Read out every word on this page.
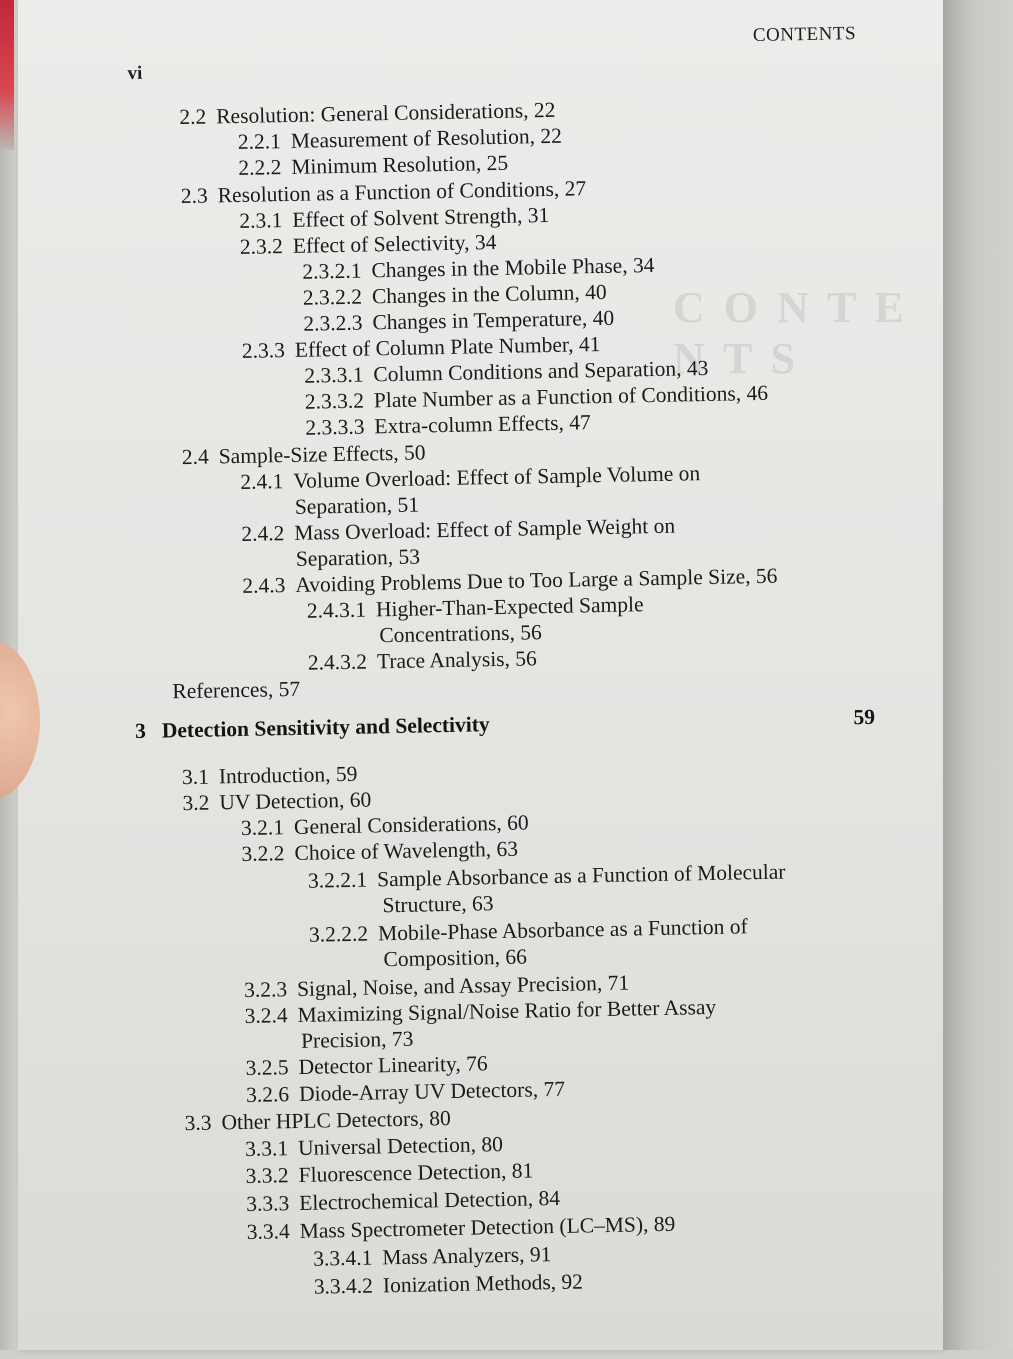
C O N T E N T S
CONTENTS
vi
2.2 Resolution: General Considerations, 22
2.2.1 Measurement of Resolution, 22
2.2.2 Minimum Resolution, 25
2.3 Resolution as a Function of Conditions, 27
2.3.1 Effect of Solvent Strength, 31
2.3.2 Effect of Selectivity, 34
2.3.2.1 Changes in the Mobile Phase, 34
2.3.2.2 Changes in the Column, 40
2.3.2.3 Changes in Temperature, 40
2.3.3 Effect of Column Plate Number, 41
2.3.3.1 Column Conditions and Separation, 43
2.3.3.2 Plate Number as a Function of Conditions, 46
2.3.3.3 Extra-column Effects, 47
2.4 Sample-Size Effects, 50
2.4.1 Volume Overload: Effect of Sample Volume on
Separation, 51
2.4.2 Mass Overload: Effect of Sample Weight on
Separation, 53
2.4.3 Avoiding Problems Due to Too Large a Sample Size, 56
2.4.3.1 Higher-Than-Expected Sample
Concentrations, 56
2.4.3.2 Trace Analysis, 56
References, 57
3 Detection Sensitivity and Selectivity	59
3.1 Introduction, 59
3.2 UV Detection, 60
3.2.1 General Considerations, 60
3.2.2 Choice of Wavelength, 63
3.2.2.1 Sample Absorbance as a Function of Molecular
Structure, 63
3.2.2.2 Mobile-Phase Absorbance as a Function of
Composition, 66
3.2.3 Signal, Noise, and Assay Precision, 71
3.2.4 Maximizing Signal/Noise Ratio for Better Assay
Precision, 73
3.2.5 Detector Linearity, 76
3.2.6 Diode-Array UV Detectors, 77
3.3 Other HPLC Detectors, 80
3.3.1 Universal Detection, 80
3.3.2 Fluorescence Detection, 81
3.3.3 Electrochemical Detection, 84
3.3.4 Mass Spectrometer Detection (LC–MS), 89
3.3.4.1 Mass Analyzers, 91
3.3.4.2 Ionization Methods, 92
